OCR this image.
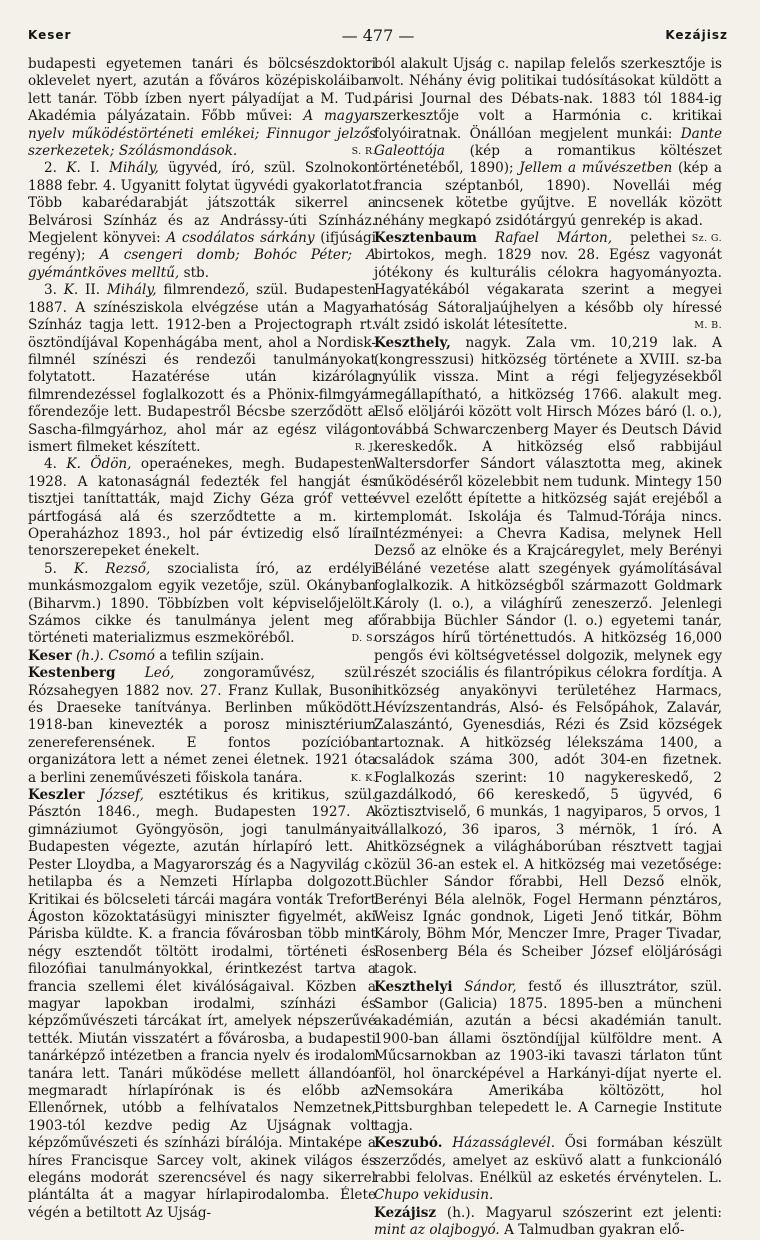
Keser	— 477 —	Kezájisz

budapesti egyetemen tanári és bölcsészdoktori oklevelet nyert, azután a főváros középiskoláiban lett tanár. Több ízben nyert pályadíjat a M. Tud. Akadémia pályázatain. Főbb művei: A magyar nyelv működéstörténeti emlékei; Finnugor jelzős szerkezetek; Szólásmondások.	S. R.

2. K. I. Mihály, ügyvéd, író, szül. Szolnokon 1888 febr. 4. Ugyanitt folytat ügyvédi gyakorlatot. Több kabarédarabját játszották sikerrel a Belvárosi Színház és az Andrássy-úti Színház. Megjelent könyvei: A csodálatos sárkány (ifjúsági regény); A csengeri domb; Bohóc Péter; A gyémántköves melltű, stb.

3. K. II. Mihály, filmrendező, szül. Budapesten 1887. A színésziskola elvégzése után a Magyar Színház tagja lett. 1912-ben a Projectograph rt. ösztöndíjával Kopenhágába ment, ahol a Nordisk-filmnél színészi és rendezői tanulmányokat folytatott. Hazatérése után kizárólag filmrendezéssel foglalkozott és a Phönix-filmgyár főrendezője lett. Budapestről Bécsbe szerződött a Sascha-filmgyárhoz, ahol már az egész világon ismert filmeket készített.	R. J.

4. K. Ödön, operaénekes, megh. Budapesten 1928. A katonaságnál fedezték fel hangját és tisztjei taníttatták, majd Zichy Géza gróf vette pártfogásá alá és szerződtette a m. kir. Operaházhoz 1893., hol pár évtizedig első lírai tenorszerepeket énekelt.

5. K. Rezső, szocialista író, az erdélyi munkásmozgalom egyik vezetője, szül. Okányban (Biharvm.) 1890. Többízben volt képviselőjelölt. Számos cikke és tanulmánya jelent meg a történeti materializmus eszmeköréből.	D. S.

Keser (h.). Csomó a tefilin szíjain.

Kestenberg Leó, zongoraművész, szül. Rózsahegyen 1882 nov. 27. Franz Kullak, Busoni és Draeseke tanítványa. Berlinben működött. 1918-ban kinevezték a porosz minisztérium zenereferensének. E fontos pozícióban organizátora lett a német zenei életnek. 1921 óta a berlini zeneművészeti főiskola tanára.	K. K.

Keszler József, esztétikus és kritikus, szül. Pásztón 1846., megh. Budapesten 1927. A gimnáziumot Gyöngyösön, jogi tanulmányait Budapesten végezte, azután hírlapíró lett. A Pester Lloydba, a Magyarország és a Nagyvilág c. hetilapba és a Nemzeti Hírlapba dolgozott. Kritikai és bölcseleti tárcái magára vonták Trefort Ágoston közoktatásügyi miniszter figyelmét, aki Párisba küldte. K. a francia fővárosban több mint négy esztendőt töltött irodalmi, történeti és filozófiai tanulmányokkal, érintkezést tartva a francia szellemi élet kiválóságaival. Közben a magyar lapokban irodalmi, színházi és képzőművészeti tárcákat írt, amelyek népszerűvé tették. Miután visszatért a fővárosba, a budapesti tanárképző intézetben a francia nyelv és irodalom tanára lett. Tanári működése mellett állandóan megmaradt hírlapírónak is és előbb az Ellenőrnek, utóbb a felhívatalos Nemzetnek, 1903-tól kezdve pedig Az Ujságnak volt képzőművészeti és színházi bírálója. Mintaképe a híres Francisque Sarcey volt, akinek világos és elegáns modorát szerencsével és nagy sikerrel plántálta át a magyar hírlapirodalomba. Élete végén a betiltott Az Ujság-

ból alakult Ujság c. napilap felelős szerkesztője is volt. Néhány évig politikai tudósításokat küldött a párisi Journal des Débats-nak. 1883 tól 1884-ig szerkesztője volt a Harmónia c. kritikai folyóiratnak. Önállóan megjelent munkái: Dante Galeottója (kép a romantikus költészet történetéből, 1890); Jellem a művészetben (kép a francia széptanból, 1890). Novellái még nincsenek kötetbe gyűjtve. E novellák között néhány megkapó zsidótárgyú genrekép is akad.
Sz. G.

Kesztenbaum Rafael Márton, pelethei birtokos, megh. 1829 nov. 28. Egész vagyonát jótékony és kulturális célokra hagyományozta. Hagyatékából végakarata szerint a megyei hatóság Sátoraljaújhelyen a később oly híressé vált zsidó iskolát létesítette.	M. B.

Keszthely, nagyk. Zala vm. 10,219 lak. A (kongresszusi) hitközség története a XVIII. sz-ba nyúlik vissza. Mint a régi feljegyzésekből megállapítható, a hitközség 1766. alakult meg. Első elöljárói között volt Hirsch Mózes báró (l. o.), továbbá Schwarczenberg Mayer és Deutsch Dávid kereskedők. A hitközség első rabbijául Waltersdorfer Sándort választotta meg, akinek működéséről közelebbit nem tudunk. Mintegy 150 évvel ezelőtt építette a hitközség saját erejéből a templomát. Iskolája és Talmud-Tórája nincs. Intézményei: a Chevra Kadisa, melynek Hell Dezső az elnöke és a Krajcáregylet, mely Berényi Béláné vezetése alatt szegények gyámolításával foglalkozik. A hitközségből származott Goldmark Károly (l. o.), a világhírű zeneszerző. Jelenlegi főrabbija Büchler Sándor (l. o.) egyetemi tanár, országos hírű történettudós. A hitközség 16,000 pengős évi költségvetéssel dolgozik, melynek egy részét szociális és filantrópikus célokra fordítja. A hitközség anyakönyvi területéhez Harmacs, Hévízszentandrás, Alsó- és Felsőpáhok, Zalavár, Zalaszántó, Gyenesdiás, Rézi és Zsid községek tartoznak. A hitközség lélekszáma 1400, a családok száma 300, adót 304-en fizetnek. Foglalkozás szerint: 10 nagykereskedő, 2 gazdálkodó, 66 kereskedő, 5 ügyvéd, 6 köztisztviselő, 6 munkás, 1 nagyiparos, 5 orvos, 1 vállalkozó, 36 iparos, 3 mérnök, 1 író. A hitközségnek a világháborúban résztvett tagjai közül 36-an estek el. A hitközség mai vezetősége: Büchler Sándor főrabbi, Hell Dezső elnök, Berényi Béla alelnök, Fogel Hermann pénztáros, Weisz Ignác gondnok, Ligeti Jenő titkár, Böhm Károly, Böhm Mór, Menczer Imre, Prager Tivadar, Rosenberg Béla és Scheiber József elöljárósági tagok.

Keszthelyi Sándor, festő és illusztrátor, szül. Sambor (Galicia) 1875. 1895-ben a müncheni akadémián, azután a bécsi akadémián tanult. 1900-ban állami ösztöndíjjal külföldre ment. A Műcsarnokban az 1903-iki tavaszi tárlaton tűnt föl, hol önarcképével a Harkányi-díjat nyerte el. Nemsokára Amerikába költözött, hol Pittsburghban telepedett le. A Carnegie Institute tagja.

Keszubó. Házasságlevél. Ősi formában készült szerződés, amelyet az esküvő alatt a funkcionáló rabbi felolvas. Enélkül az esketés érvénytelen. L. Chupo vekidusin.

Kezájisz (h.). Magyarul szószerint ezt jelenti: mint az olajbogyó. A Talmudban gyakran elő-
